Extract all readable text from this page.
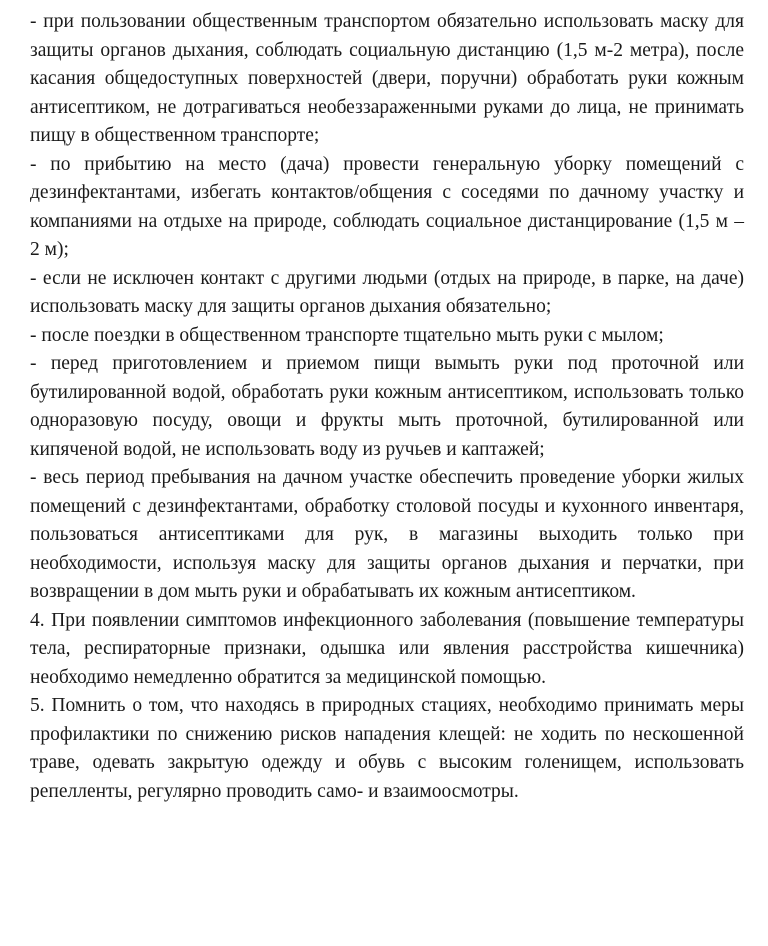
- при пользовании общественным транспортом обязательно использовать маску для защиты органов дыхания, соблюдать социальную дистанцию (1,5 м-2 метра), после касания общедоступных поверхностей (двери, поручни) обработать руки кожным антисептиком, не дотрагиваться необеззараженными руками до лица, не принимать пищу в общественном транспорте;

- по прибытию на место (дача) провести генеральную уборку помещений с дезинфектантами, избегать контактов/общения с соседями по дачному участку и компаниями на отдыхе на природе, соблюдать социальное дистанцирование (1,5 м – 2 м);

- если не исключен контакт с другими людьми (отдых на природе, в парке, на даче) использовать маску для защиты органов дыхания обязательно;

- после поездки в общественном транспорте тщательно мыть руки с мылом;

- перед приготовлением и приемом пищи вымыть руки под проточной или бутилированной водой, обработать руки кожным антисептиком, использовать только одноразовую посуду, овощи и фрукты мыть проточной, бутилированной или кипяченой водой, не использовать воду из ручьев и каптажей;

- весь период пребывания на дачном участке обеспечить проведение уборки жилых помещений с дезинфектантами, обработку столовой посуды и кухонного инвентаря, пользоваться антисептиками для рук, в магазины выходить только при необходимости, используя маску для защиты органов дыхания и перчатки, при возвращении в дом мыть руки и обрабатывать их кожным антисептиком.

4. При появлении симптомов инфекционного заболевания (повышение температуры тела, респираторные признаки, одышка или явления расстройства кишечника) необходимо немедленно обратится за медицинской помощью.

5. Помнить о том, что находясь в природных стациях, необходимо принимать меры профилактики по снижению рисков нападения клещей: не ходить по нескошенной траве, одевать закрытую одежду и обувь с высоким голенищем, использовать репелленты, регулярно проводить само- и взаимоосмотры.
